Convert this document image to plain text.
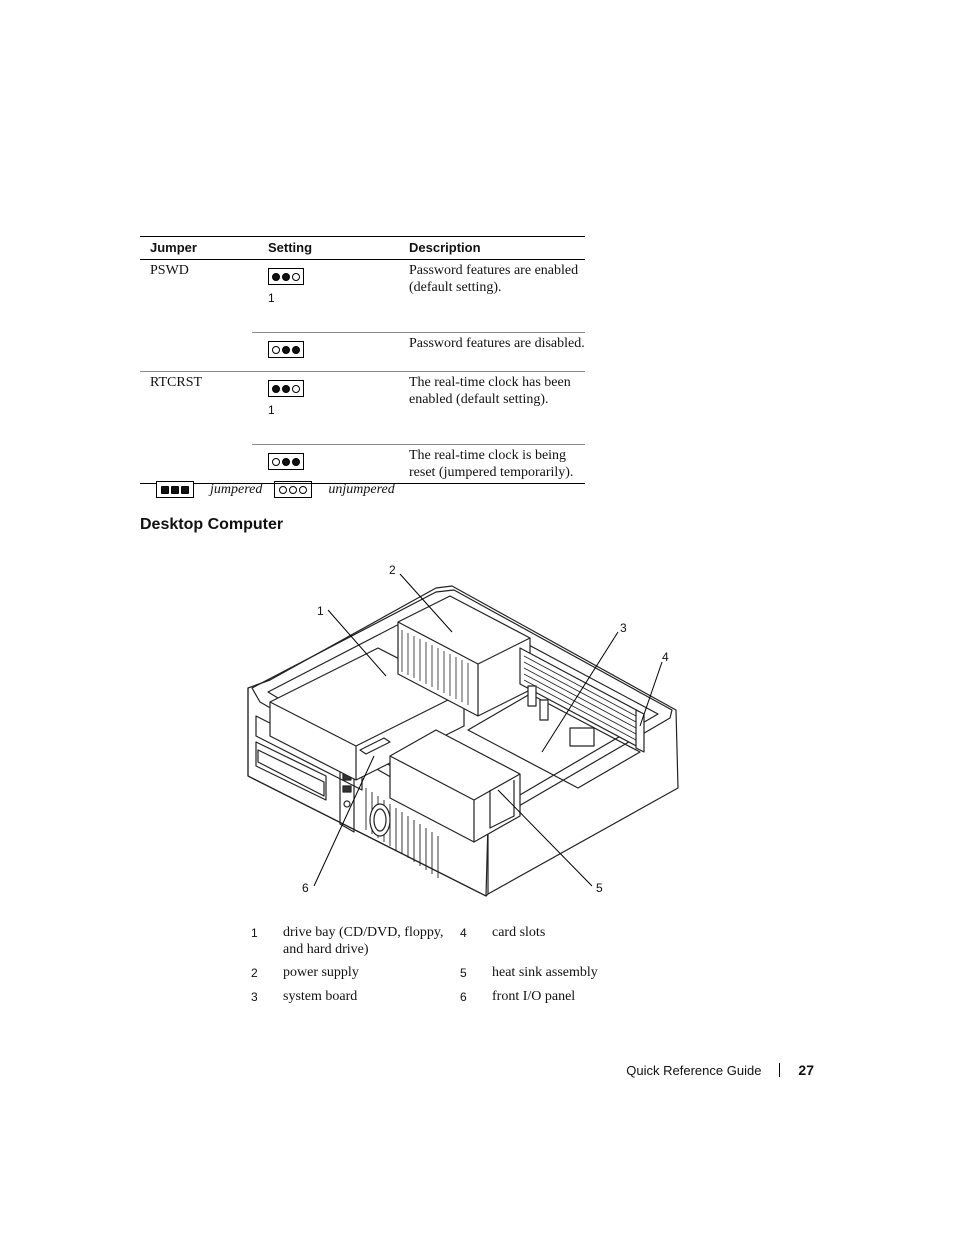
Jumper	Setting	Description
PSWD	1	Password features are enabled (default setting).

	Password features are disabled.
RTCRST	1	The real-time clock has been enabled (default setting).

	The real-time clock is being reset (jumpered temporarily).
jumpered	unjumpered
Desktop Computer
1
2
3
4
5
6
1	drive bay (CD/DVD, floppy, and hard drive)	4	card slots
2	power supply	5	heat sink assembly
3	system board	6	front I/O panel
Quick Reference Guide	27
